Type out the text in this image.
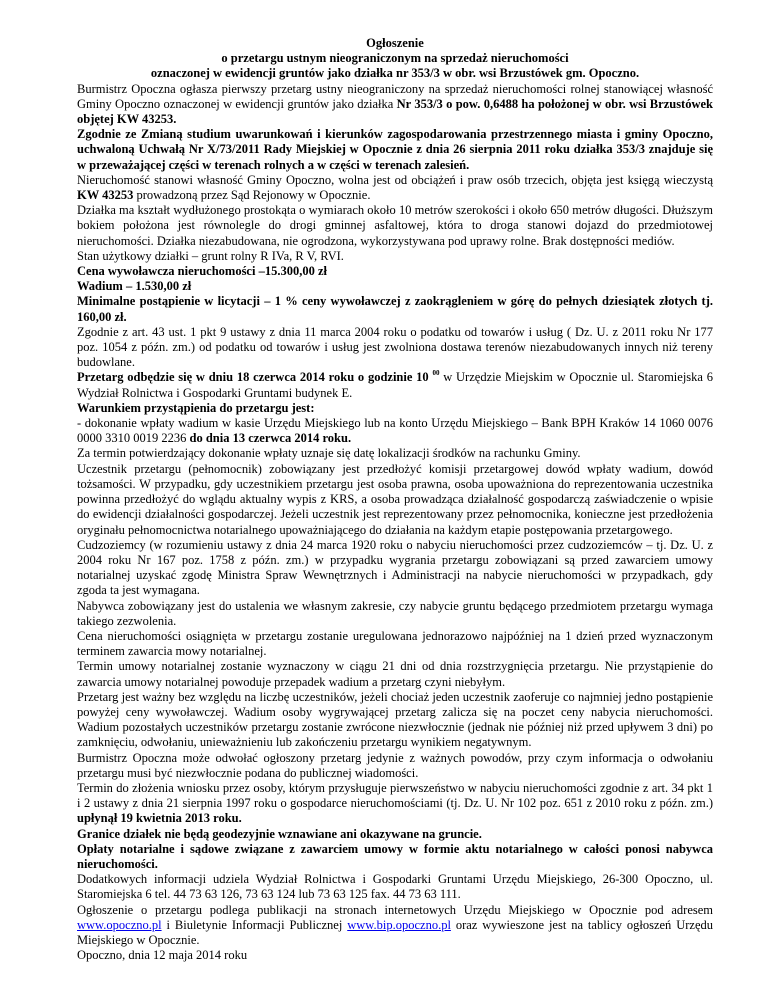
Ogłoszenie
o przetargu ustnym nieograniczonym na sprzedaż nieruchomości
oznaczonej w ewidencji gruntów jako działka nr 353/3 w obr. wsi Brzustówek gm. Opoczno.

Burmistrz Opoczna ogłasza pierwszy przetarg ustny nieograniczony na sprzedaż nieruchomości rolnej stanowiącej własność Gminy Opoczno oznaczonej w ewidencji gruntów jako działka Nr 353/3 o pow. 0,6488 ha położonej w obr. wsi Brzustówek objętej KW 43253.

Zgodnie ze Zmianą studium uwarunkowań i kierunków zagospodarowania przestrzennego miasta i gminy Opoczno, uchwaloną Uchwałą Nr X/73/2011 Rady Miejskiej w Opocznie z dnia 26 sierpnia 2011 roku działka 353/3 znajduje się w przeważającej części w terenach rolnych a w części w terenach zalesień.

Nieruchomość stanowi własność Gminy Opoczno, wolna jest od obciążeń i praw osób trzecich, objęta jest księgą wieczystą KW 43253 prowadzoną przez Sąd Rejonowy w Opocznie.

Działka ma kształt wydłużonego prostokąta o wymiarach około 10 metrów szerokości i około 650 metrów długości. Dłuższym bokiem położona jest równolegle do drogi gminnej asfaltowej, która to droga stanowi dojazd do przedmiotowej nieruchomości. Działka niezabudowana, nie ogrodzona, wykorzystywana pod uprawy rolne. Brak dostępności mediów.

Stan użytkowy działki – grunt rolny R IVa, R V, RVI.

Cena wywoławcza nieruchomości –15.300,00 zł

Wadium – 1.530,00 zł

Minimalne postąpienie w licytacji – 1 % ceny wywoławczej z zaokrągleniem w górę do pełnych dziesiątek złotych tj. 160,00 zł.

Zgodnie z art. 43 ust. 1 pkt 9 ustawy z dnia 11 marca 2004 roku o podatku od towarów i usług ( Dz. U. z 2011 roku Nr 177 poz. 1054 z późn. zm.) od podatku od towarów i usług jest zwolniona dostawa terenów niezabudowanych innych niż tereny budowlane.

Przetarg odbędzie się w dniu 18 czerwca 2014 roku o godzinie 10 $^{00}$ w Urzędzie Miejskim w Opocznie ul. Staromiejska 6 Wydział Rolnictwa i Gospodarki Gruntami budynek E.

Warunkiem przystąpienia do przetargu jest:

- dokonanie wpłaty wadium w kasie Urzędu Miejskiego lub na konto Urzędu Miejskiego – Bank BPH Kraków 14 1060 0076 0000 3310 0019 2236 do dnia 13 czerwca 2014 roku.

Za termin potwierdzający dokonanie wpłaty uznaje się datę lokalizacji środków na rachunku Gminy.

Uczestnik przetargu (pełnomocnik) zobowiązany jest przedłożyć komisji przetargowej dowód wpłaty wadium, dowód tożsamości. W przypadku, gdy uczestnikiem przetargu jest osoba prawna, osoba upoważniona do reprezentowania uczestnika powinna przedłożyć do wglądu aktualny wypis z KRS, a osoba prowadząca działalność gospodarczą zaświadczenie o wpisie do ewidencji działalności gospodarczej. Jeżeli uczestnik jest reprezentowany przez pełnomocnika, konieczne jest przedłożenia oryginału pełnomocnictwa notarialnego upoważniającego do działania na każdym etapie postępowania przetargowego.

Cudzoziemcy (w rozumieniu ustawy z dnia 24 marca 1920 roku o nabyciu nieruchomości przez cudzoziemców – tj. Dz. U. z 2004 roku Nr 167 poz. 1758 z późn. zm.) w przypadku wygrania przetargu zobowiązani są przed zawarciem umowy notarialnej uzyskać zgodę Ministra Spraw Wewnętrznych i Administracji na nabycie nieruchomości w przypadkach, gdy zgoda ta jest wymagana.

Nabywca zobowiązany jest do ustalenia we własnym zakresie, czy nabycie gruntu będącego przedmiotem przetargu wymaga takiego zezwolenia.

Cena nieruchomości osiągnięta w przetargu zostanie uregulowana jednorazowo najpóźniej na 1 dzień przed wyznaczonym terminem zawarcia mowy notarialnej.

Termin umowy notarialnej zostanie wyznaczony w ciągu 21 dni od dnia rozstrzygnięcia przetargu. Nie przystąpienie do zawarcia umowy notarialnej powoduje przepadek wadium a przetarg czyni niebyłym.

Przetarg jest ważny bez względu na liczbę uczestników, jeżeli chociaż jeden uczestnik zaoferuje co najmniej jedno postąpienie powyżej ceny wywoławczej. Wadium osoby wygrywającej przetarg zalicza się na poczet ceny nabycia nieruchomości. Wadium pozostałych uczestników przetargu zostanie zwrócone niezwłocznie (jednak nie później niż przed upływem 3 dni) po zamknięciu, odwołaniu, unieważnieniu lub zakończeniu przetargu wynikiem negatywnym.

Burmistrz Opoczna może odwołać ogłoszony przetarg jedynie z ważnych powodów, przy czym informacja o odwołaniu przetargu musi być niezwłocznie podana do publicznej wiadomości.

Termin do złożenia wniosku przez osoby, którym przysługuje pierwszeństwo w nabyciu nieruchomości zgodnie z art. 34 pkt 1 i 2 ustawy z dnia 21 sierpnia 1997 roku o gospodarce nieruchomościami (tj. Dz. U. Nr 102 poz. 651 z 2010 roku z późn. zm.) upłynął 19 kwietnia 2013 roku.

Granice działek nie będą geodezyjnie wznawiane ani okazywane na gruncie.

Opłaty notarialne i sądowe związane z zawarciem umowy w formie aktu notarialnego w całości ponosi nabywca nieruchomości.

Dodatkowych informacji udziela Wydział Rolnictwa i Gospodarki Gruntami Urzędu Miejskiego, 26-300 Opoczno, ul. Staromiejska 6 tel. 44 73 63 126, 73 63 124 lub 73 63 125 fax. 44 73 63 111.

Ogłoszenie o przetargu podlega publikacji na stronach internetowych Urzędu Miejskiego w Opocznie pod adresem www.opoczno.pl i Biuletynie Informacji Publicznej www.bip.opoczno.pl oraz wywieszone jest na tablicy ogłoszeń Urzędu Miejskiego w Opocznie.

Opoczno, dnia 12 maja 2014 roku
